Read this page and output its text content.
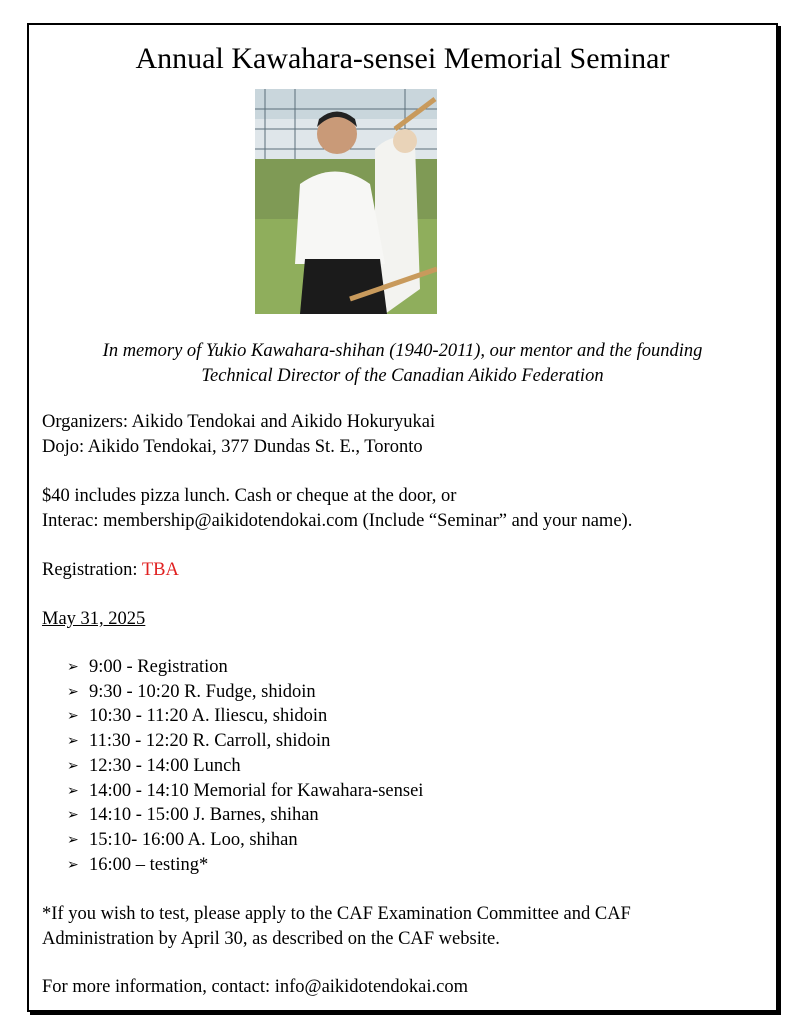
Annual Kawahara-sensei Memorial Seminar
In memory of Yukio Kawahara-shihan (1940-2011), our mentor and the founding
Technical Director of the Canadian Aikido Federation
Organizers: Aikido Tendokai and Aikido Hokuryukai
Dojo: Aikido Tendokai, 377 Dundas St. E., Toronto
$40 includes pizza lunch. Cash or cheque at the door, or
Interac: membership@aikidotendokai.com (Include “Seminar” and your name).
Registration: TBA
May 31, 2025
➢ 9:00 - Registration
➢ 9:30 - 10:20 R. Fudge, shidoin
➢ 10:30 - 11:20 A. Iliescu, shidoin
➢ 11:30 - 12:20 R. Carroll, shidoin
➢ 12:30 - 14:00 Lunch
➢ 14:00 - 14:10 Memorial for Kawahara-sensei
➢ 14:10 - 15:00 J. Barnes, shihan
➢ 15:10- 16:00 A. Loo, shihan
➢ 16:00 – testing*
*If you wish to test, please apply to the CAF Examination Committee and CAF
Administration by April 30, as described on the CAF website.
For more information, contact: info@aikidotendokai.com
